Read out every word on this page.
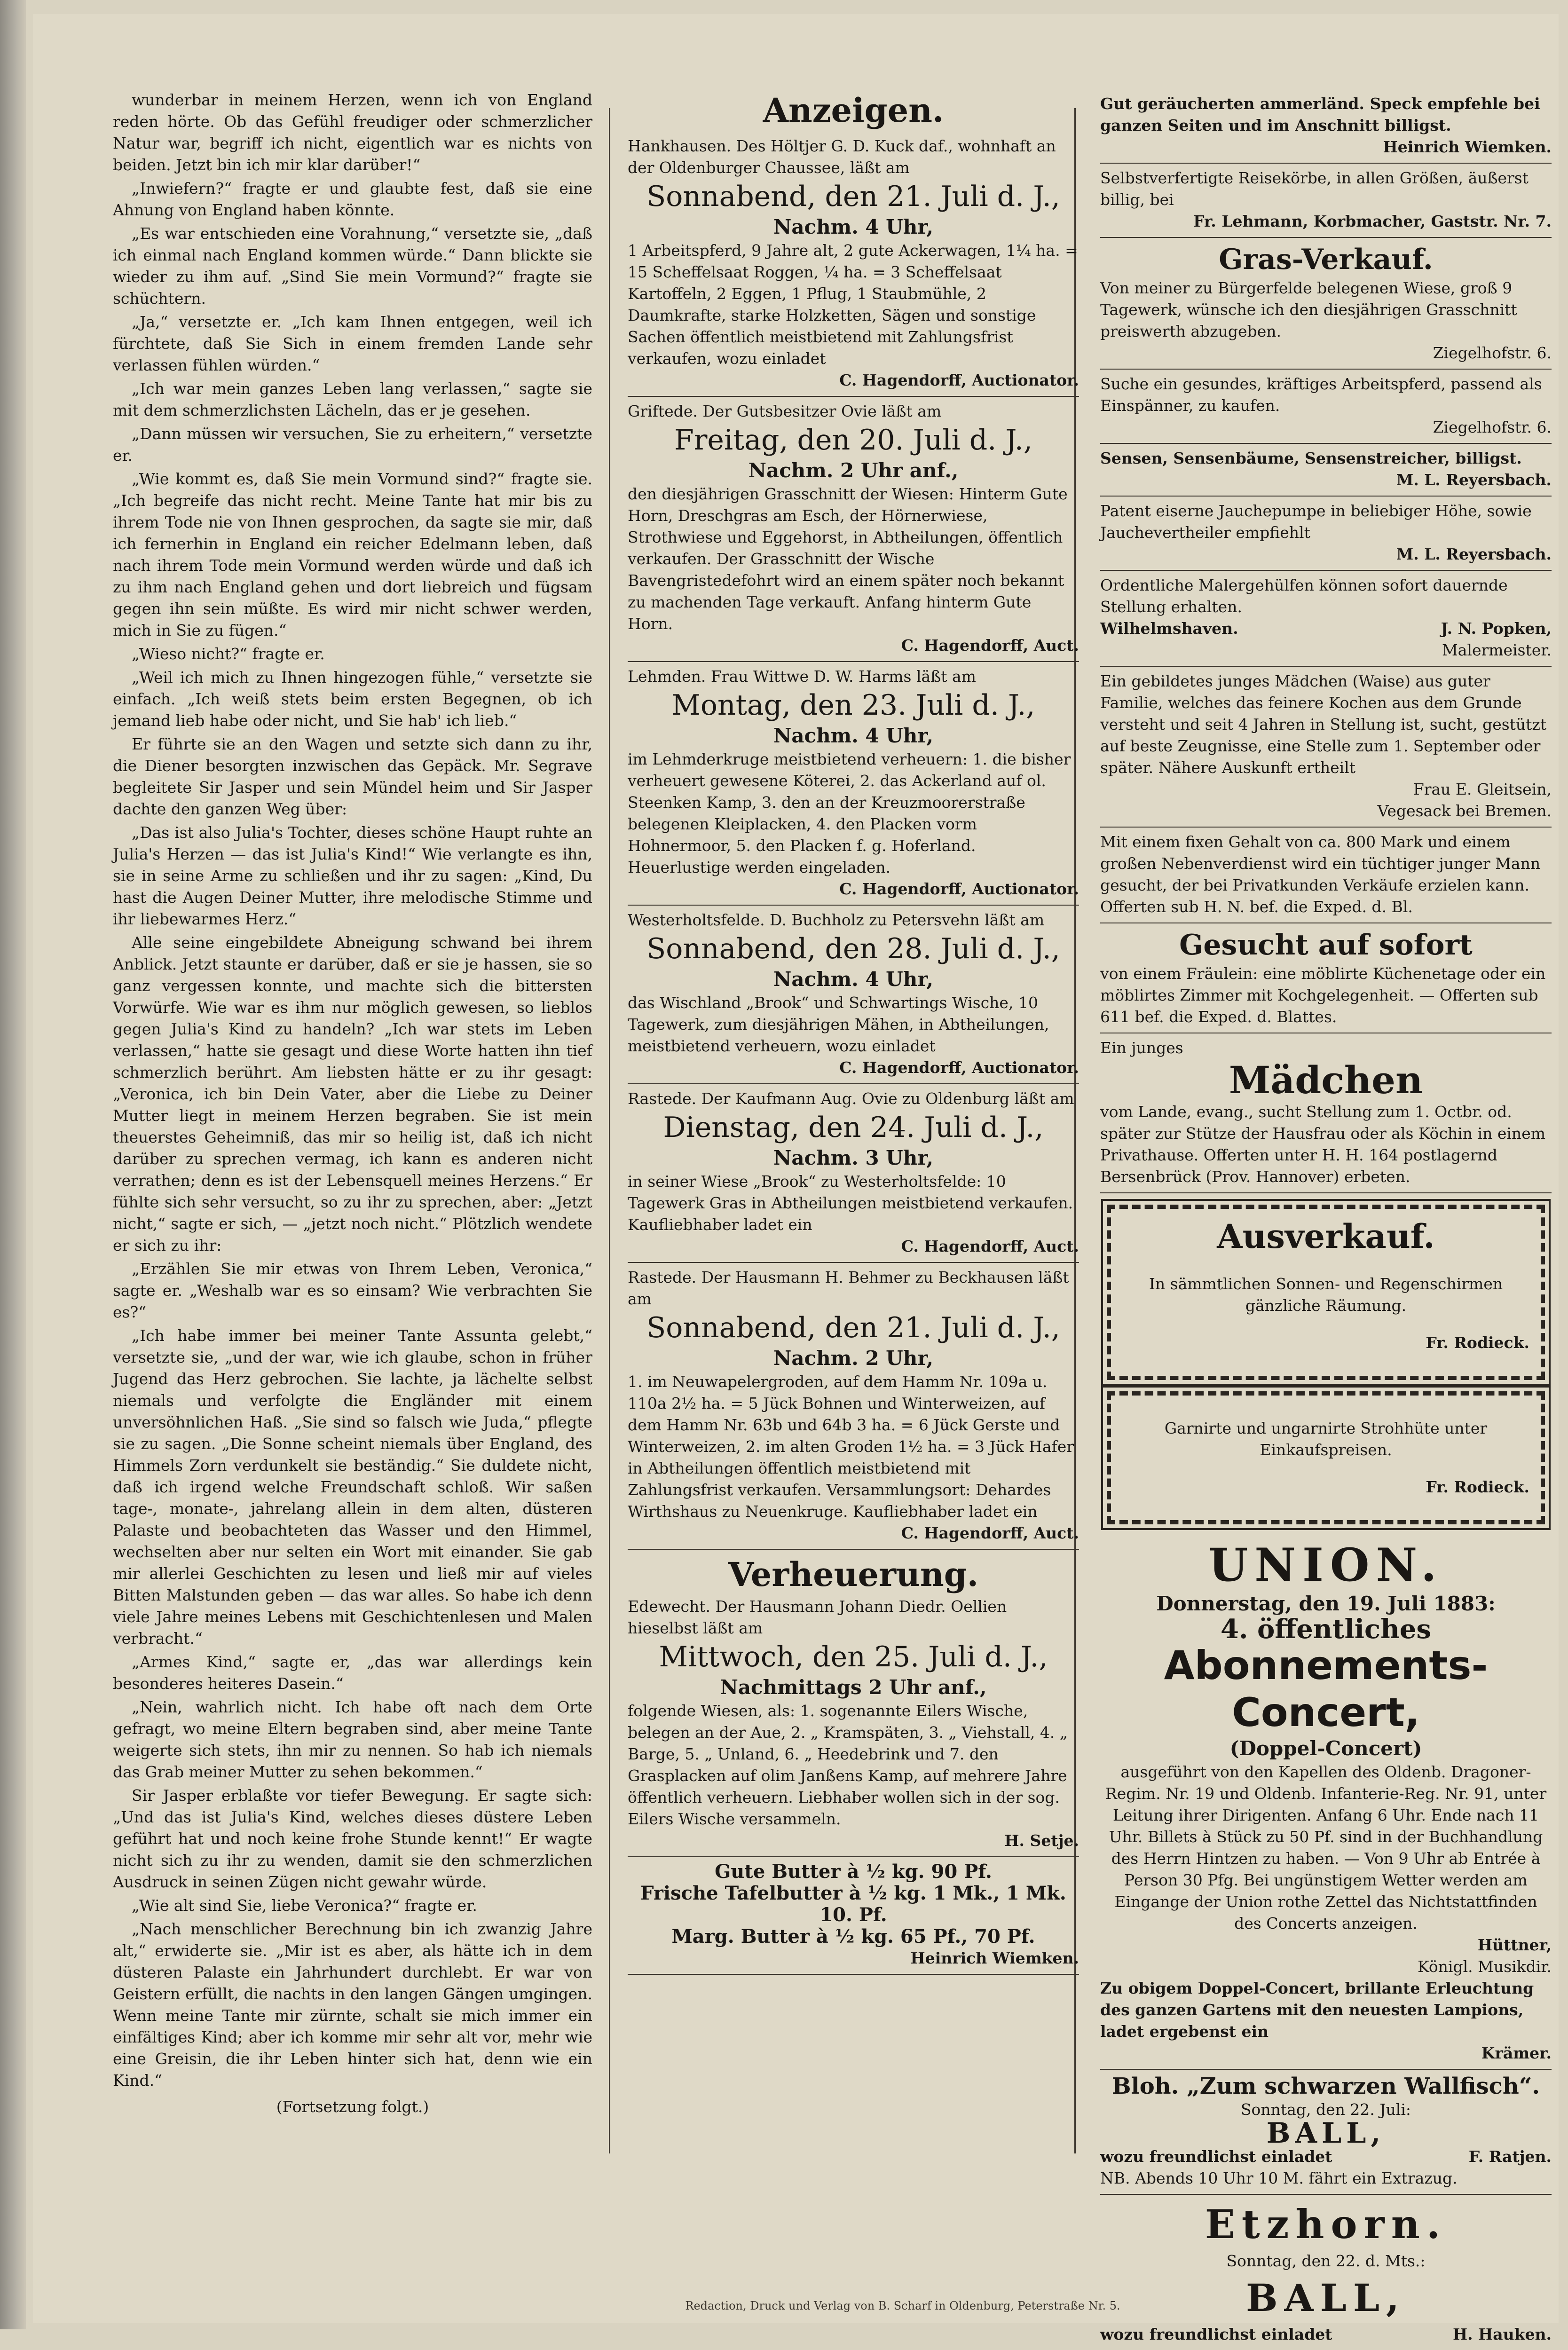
wunderbar in meinem Herzen, wenn ich von England reden hörte. Ob das Gefühl freudiger oder schmerzlicher Natur war, begriff ich nicht, eigentlich war es nichts von beiden. Jetzt bin ich mir klar darüber!“

„Inwiefern?“ fragte er und glaubte fest, daß sie eine Ahnung von England haben könnte.

„Es war entschieden eine Vorahnung,“ versetzte sie, „daß ich einmal nach England kommen würde.“ Dann blickte sie wieder zu ihm auf. „Sind Sie mein Vormund?“ fragte sie schüchtern.

„Ja,“ versetzte er. „Ich kam Ihnen entgegen, weil ich fürchtete, daß Sie Sich in einem fremden Lande sehr verlassen fühlen würden.“

„Ich war mein ganzes Leben lang verlassen,“ sagte sie mit dem schmerzlichsten Lächeln, das er je gesehen.

„Dann müssen wir versuchen, Sie zu erheitern,“ versetzte er.

„Wie kommt es, daß Sie mein Vormund sind?“ fragte sie. „Ich begreife das nicht recht. Meine Tante hat mir bis zu ihrem Tode nie von Ihnen gesprochen, da sagte sie mir, daß ich fernerhin in England ein reicher Edelmann leben, daß nach ihrem Tode mein Vormund werden würde und daß ich zu ihm nach England gehen und dort liebreich und fügsam gegen ihn sein müßte. Es wird mir nicht schwer werden, mich in Sie zu fügen.“

„Wieso nicht?“ fragte er.

„Weil ich mich zu Ihnen hingezogen fühle,“ versetzte sie einfach. „Ich weiß stets beim ersten Begegnen, ob ich jemand lieb habe oder nicht, und Sie hab' ich lieb.“

Er führte sie an den Wagen und setzte sich dann zu ihr, die Diener besorgten inzwischen das Gepäck. Mr. Segrave begleitete Sir Jasper und sein Mündel heim und Sir Jasper dachte den ganzen Weg über:

„Das ist also Julia's Tochter, dieses schöne Haupt ruhte an Julia's Herzen — das ist Julia's Kind!“ Wie verlangte es ihn, sie in seine Arme zu schließen und ihr zu sagen: „Kind, Du hast die Augen Deiner Mutter, ihre melodische Stimme und ihr liebewarmes Herz.“

Alle seine eingebildete Abneigung schwand bei ihrem Anblick. Jetzt staunte er darüber, daß er sie je hassen, sie so ganz vergessen konnte, und machte sich die bittersten Vorwürfe. Wie war es ihm nur möglich gewesen, so lieblos gegen Julia's Kind zu handeln? „Ich war stets im Leben verlassen,“ hatte sie gesagt und diese Worte hatten ihn tief schmerzlich berührt. Am liebsten hätte er zu ihr gesagt: „Veronica, ich bin Dein Vater, aber die Liebe zu Deiner Mutter liegt in meinem Herzen begraben. Sie ist mein theuerstes Geheimniß, das mir so heilig ist, daß ich nicht darüber zu sprechen vermag, ich kann es anderen nicht verrathen; denn es ist der Lebensquell meines Herzens.“ Er fühlte sich sehr versucht, so zu ihr zu sprechen, aber: „Jetzt nicht,“ sagte er sich, — „jetzt noch nicht.“ Plötzlich wendete er sich zu ihr:

„Erzählen Sie mir etwas von Ihrem Leben, Veronica,“ sagte er. „Weshalb war es so einsam? Wie verbrachten Sie es?“

„Ich habe immer bei meiner Tante Assunta gelebt,“ versetzte sie, „und der war, wie ich glaube, schon in früher Jugend das Herz gebrochen. Sie lachte, ja lächelte selbst niemals und verfolgte die Engländer mit einem unversöhnlichen Haß. „Sie sind so falsch wie Juda,“ pflegte sie zu sagen. „Die Sonne scheint niemals über England, des Himmels Zorn verdunkelt sie beständig.“ Sie duldete nicht, daß ich irgend welche Freundschaft schloß. Wir saßen tage-, monate-, jahrelang allein in dem alten, düsteren Palaste und beobachteten das Wasser und den Himmel, wechselten aber nur selten ein Wort mit einander. Sie gab mir allerlei Geschichten zu lesen und ließ mir auf vieles Bitten Malstunden geben — das war alles. So habe ich denn viele Jahre meines Lebens mit Geschichtenlesen und Malen verbracht.“

„Armes Kind,“ sagte er, „das war allerdings kein besonderes heiteres Dasein.“

„Nein, wahrlich nicht. Ich habe oft nach dem Orte gefragt, wo meine Eltern begraben sind, aber meine Tante weigerte sich stets, ihn mir zu nennen. So hab ich niemals das Grab meiner Mutter zu sehen bekommen.“

Sir Jasper erblaßte vor tiefer Bewegung. Er sagte sich: „Und das ist Julia's Kind, welches dieses düstere Leben geführt hat und noch keine frohe Stunde kennt!“ Er wagte nicht sich zu ihr zu wenden, damit sie den schmerzlichen Ausdruck in seinen Zügen nicht gewahr würde.

„Wie alt sind Sie, liebe Veronica?“ fragte er.

„Nach menschlicher Berechnung bin ich zwanzig Jahre alt,“ erwiderte sie. „Mir ist es aber, als hätte ich in dem düsteren Palaste ein Jahrhundert durchlebt. Er war von Geistern erfüllt, die nachts in den langen Gängen umgingen. Wenn meine Tante mir zürnte, schalt sie mich immer ein einfältiges Kind; aber ich komme mir sehr alt vor, mehr wie eine Greisin, die ihr Leben hinter sich hat, denn wie ein Kind.“

(Fortsetzung folgt.)

Anzeigen.

Hankhausen. Des Höltjer G. D. Kuck daf., wohnhaft an der Oldenburger Chaussee, läßt am

Sonnabend, den 21. Juli d. J.,
Nachm. 4 Uhr,

1 Arbeitspferd, 9 Jahre alt, 2 gute Ackerwagen, 1¼ ha. = 15 Scheffelsaat Roggen, ¼ ha. = 3 Scheffelsaat Kartoffeln, 2 Eggen, 1 Pflug, 1 Staubmühle, 2 Daumkrafte, starke Holzketten, Sägen und sonstige Sachen öffentlich meistbietend mit Zahlungsfrist verkaufen, wozu einladet

C. Hagendorff, Auctionator.

Griftede. Der Gutsbesitzer Ovie läßt am

Freitag, den 20. Juli d. J.,
Nachm. 2 Uhr anf.,

den diesjährigen Grasschnitt der Wiesen: Hinterm Gute Horn, Dreschgras am Esch, der Hörnerwiese, Strothwiese und Eggehorst, in Abtheilungen, öffentlich verkaufen. Der Grasschnitt der Wische Bavengristedefohrt wird an einem später noch bekannt zu machenden Tage verkauft. Anfang hinterm Gute Horn.

C. Hagendorff, Auct.

Lehmden. Frau Wittwe D. W. Harms läßt am

Montag, den 23. Juli d. J.,
Nachm. 4 Uhr,

im Lehmderkruge meistbietend verheuern: 1. die bisher verheuert gewesene Köterei, 2. das Ackerland auf ol. Steenken Kamp, 3. den an der Kreuzmoorerstraße belegenen Kleiplacken, 4. den Placken vorm Hohnermoor, 5. den Placken f. g. Hoferland. Heuerlustige werden eingeladen.

C. Hagendorff, Auctionator.

Westerholtsfelde. D. Buchholz zu Petersvehn läßt am

Sonnabend, den 28. Juli d. J.,
Nachm. 4 Uhr,

das Wischland „Brook“ und Schwartings Wische, 10 Tagewerk, zum diesjährigen Mähen, in Abtheilungen, meistbietend verheuern, wozu einladet

C. Hagendorff, Auctionator.

Rastede. Der Kaufmann Aug. Ovie zu Oldenburg läßt am

Dienstag, den 24. Juli d. J.,
Nachm. 3 Uhr,

in seiner Wiese „Brook“ zu Westerholtsfelde: 10 Tagewerk Gras in Abtheilungen meistbietend verkaufen. Kaufliebhaber ladet ein

C. Hagendorff, Auct.

Rastede. Der Hausmann H. Behmer zu Beckhausen läßt am

Sonnabend, den 21. Juli d. J.,
Nachm. 2 Uhr,

1. im Neuwapelergroden, auf dem Hamm Nr. 109a u. 110a 2½ ha. = 5 Jück Bohnen und Winterweizen, auf dem Hamm Nr. 63b und 64b 3 ha. = 6 Jück Gerste und Winterweizen, 2. im alten Groden 1½ ha. = 3 Jück Hafer in Abtheilungen öffentlich meistbietend mit Zahlungsfrist verkaufen. Versammlungsort: Dehardes Wirthshaus zu Neuenkruge. Kaufliebhaber ladet ein

C. Hagendorff, Auct.

Verheuerung.

Edewecht. Der Hausmann Johann Diedr. Oellien hieselbst läßt am

Mittwoch, den 25. Juli d. J.,
Nachmittags 2 Uhr anf.,

folgende Wiesen, als: 1. sogenannte Eilers Wische, belegen an der Aue, 2. „ Kramspäten, 3. „ Viehstall, 4. „ Barge, 5. „ Unland, 6. „ Heedebrink und 7. den Grasplacken auf olim Janßens Kamp, auf mehrere Jahre öffentlich verheuern. Liebhaber wollen sich in der sog. Eilers Wische versammeln.

H. Setje.

Gute Butter à ½ kg. 90 Pf.

Frische Tafelbutter à ½ kg. 1 Mk., 1 Mk. 10. Pf.

Marg. Butter à ½ kg. 65 Pf., 70 Pf.

Heinrich Wiemken.

Gut geräucherten ammerländ. Speck empfehle bei ganzen Seiten und im Anschnitt billigst.

Heinrich Wiemken.

Selbstverfertigte Reisekörbe, in allen Größen, äußerst billig, bei

Fr. Lehmann, Korbmacher, Gaststr. Nr. 7.

Gras-Verkauf.

Von meiner zu Bürgerfelde belegenen Wiese, groß 9 Tagewerk, wünsche ich den diesjährigen Grasschnitt preiswerth abzugeben.

Ziegelhofstr. 6.

Suche ein gesundes, kräftiges Arbeitspferd, passend als Einspänner, zu kaufen.

Ziegelhofstr. 6.

Sensen, Sensenbäume, Sensenstreicher, billigst.

M. L. Reyersbach.

Patent eiserne Jauchepumpe in beliebiger Höhe, sowie Jauchevertheiler empfiehlt

M. L. Reyersbach.

Ordentliche Malergehülfen können sofort dauernde Stellung erhalten.

Wilhelmshaven.	J. N. Popken,

Malermeister.

Ein gebildetes junges Mädchen (Waise) aus guter Familie, welches das feinere Kochen aus dem Grunde versteht und seit 4 Jahren in Stellung ist, sucht, gestützt auf beste Zeugnisse, eine Stelle zum 1. September oder später. Nähere Auskunft ertheilt

Frau E. Gleitsein,

Vegesack bei Bremen.

Mit einem fixen Gehalt von ca. 800 Mark und einem großen Nebenverdienst wird ein tüchtiger junger Mann gesucht, der bei Privatkunden Verkäufe erzielen kann.

Offerten sub H. N. bef. die Exped. d. Bl.

Gesucht auf sofort

von einem Fräulein: eine möblirte Küchenetage oder ein möblirtes Zimmer mit Kochgelegenheit. — Offerten sub 611 bef. die Exped. d. Blattes.

Ein junges

Mädchen

vom Lande, evang., sucht Stellung zum 1. Octbr. od. später zur Stütze der Hausfrau oder als Köchin in einem Privathause. Offerten unter H. H. 164 postlagernd Bersenbrück (Prov. Hannover) erbeten.

Ausverkauf.

In sämmtlichen Sonnen- und Regenschirmen gänzliche Räumung.

Fr. Rodieck.

Garnirte und ungarnirte Strohhüte unter Einkaufspreisen.

Fr. Rodieck.

UNION.
Donnerstag, den 19. Juli 1883:
4. öffentliches
Abonnements-Concert,
(Doppel-Concert)

ausgeführt von den Kapellen des Oldenb. Dragoner-Regim. Nr. 19 und Oldenb. Infanterie-Reg. Nr. 91, unter Leitung ihrer Dirigenten. Anfang 6 Uhr. Ende nach 11 Uhr. Billets à Stück zu 50 Pf. sind in der Buchhandlung des Herrn Hintzen zu haben. — Von 9 Uhr ab Entrée à Person 30 Pfg. Bei ungünstigem Wetter werden am Eingange der Union rothe Zettel das Nichtstattfinden des Concerts anzeigen.

Hüttner,

Königl. Musikdir.

Zu obigem Doppel-Concert, brillante Erleuchtung des ganzen Gartens mit den neuesten Lampions, ladet ergebenst ein

Krämer.

Bloh. „Zum schwarzen Wallfisch“.

Sonntag, den 22. Juli:

BALL,
wozu freundlichst einladet	F. Ratjen.

NB. Abends 10 Uhr 10 M. fährt ein Extrazug.

Etzhorn.

Sonntag, den 22. d. Mts.:

BALL,
wozu freundlichst einladet	H. Hauken.
Redaction, Druck und Verlag von B. Scharf in Oldenburg, Peterstraße Nr. 5.
